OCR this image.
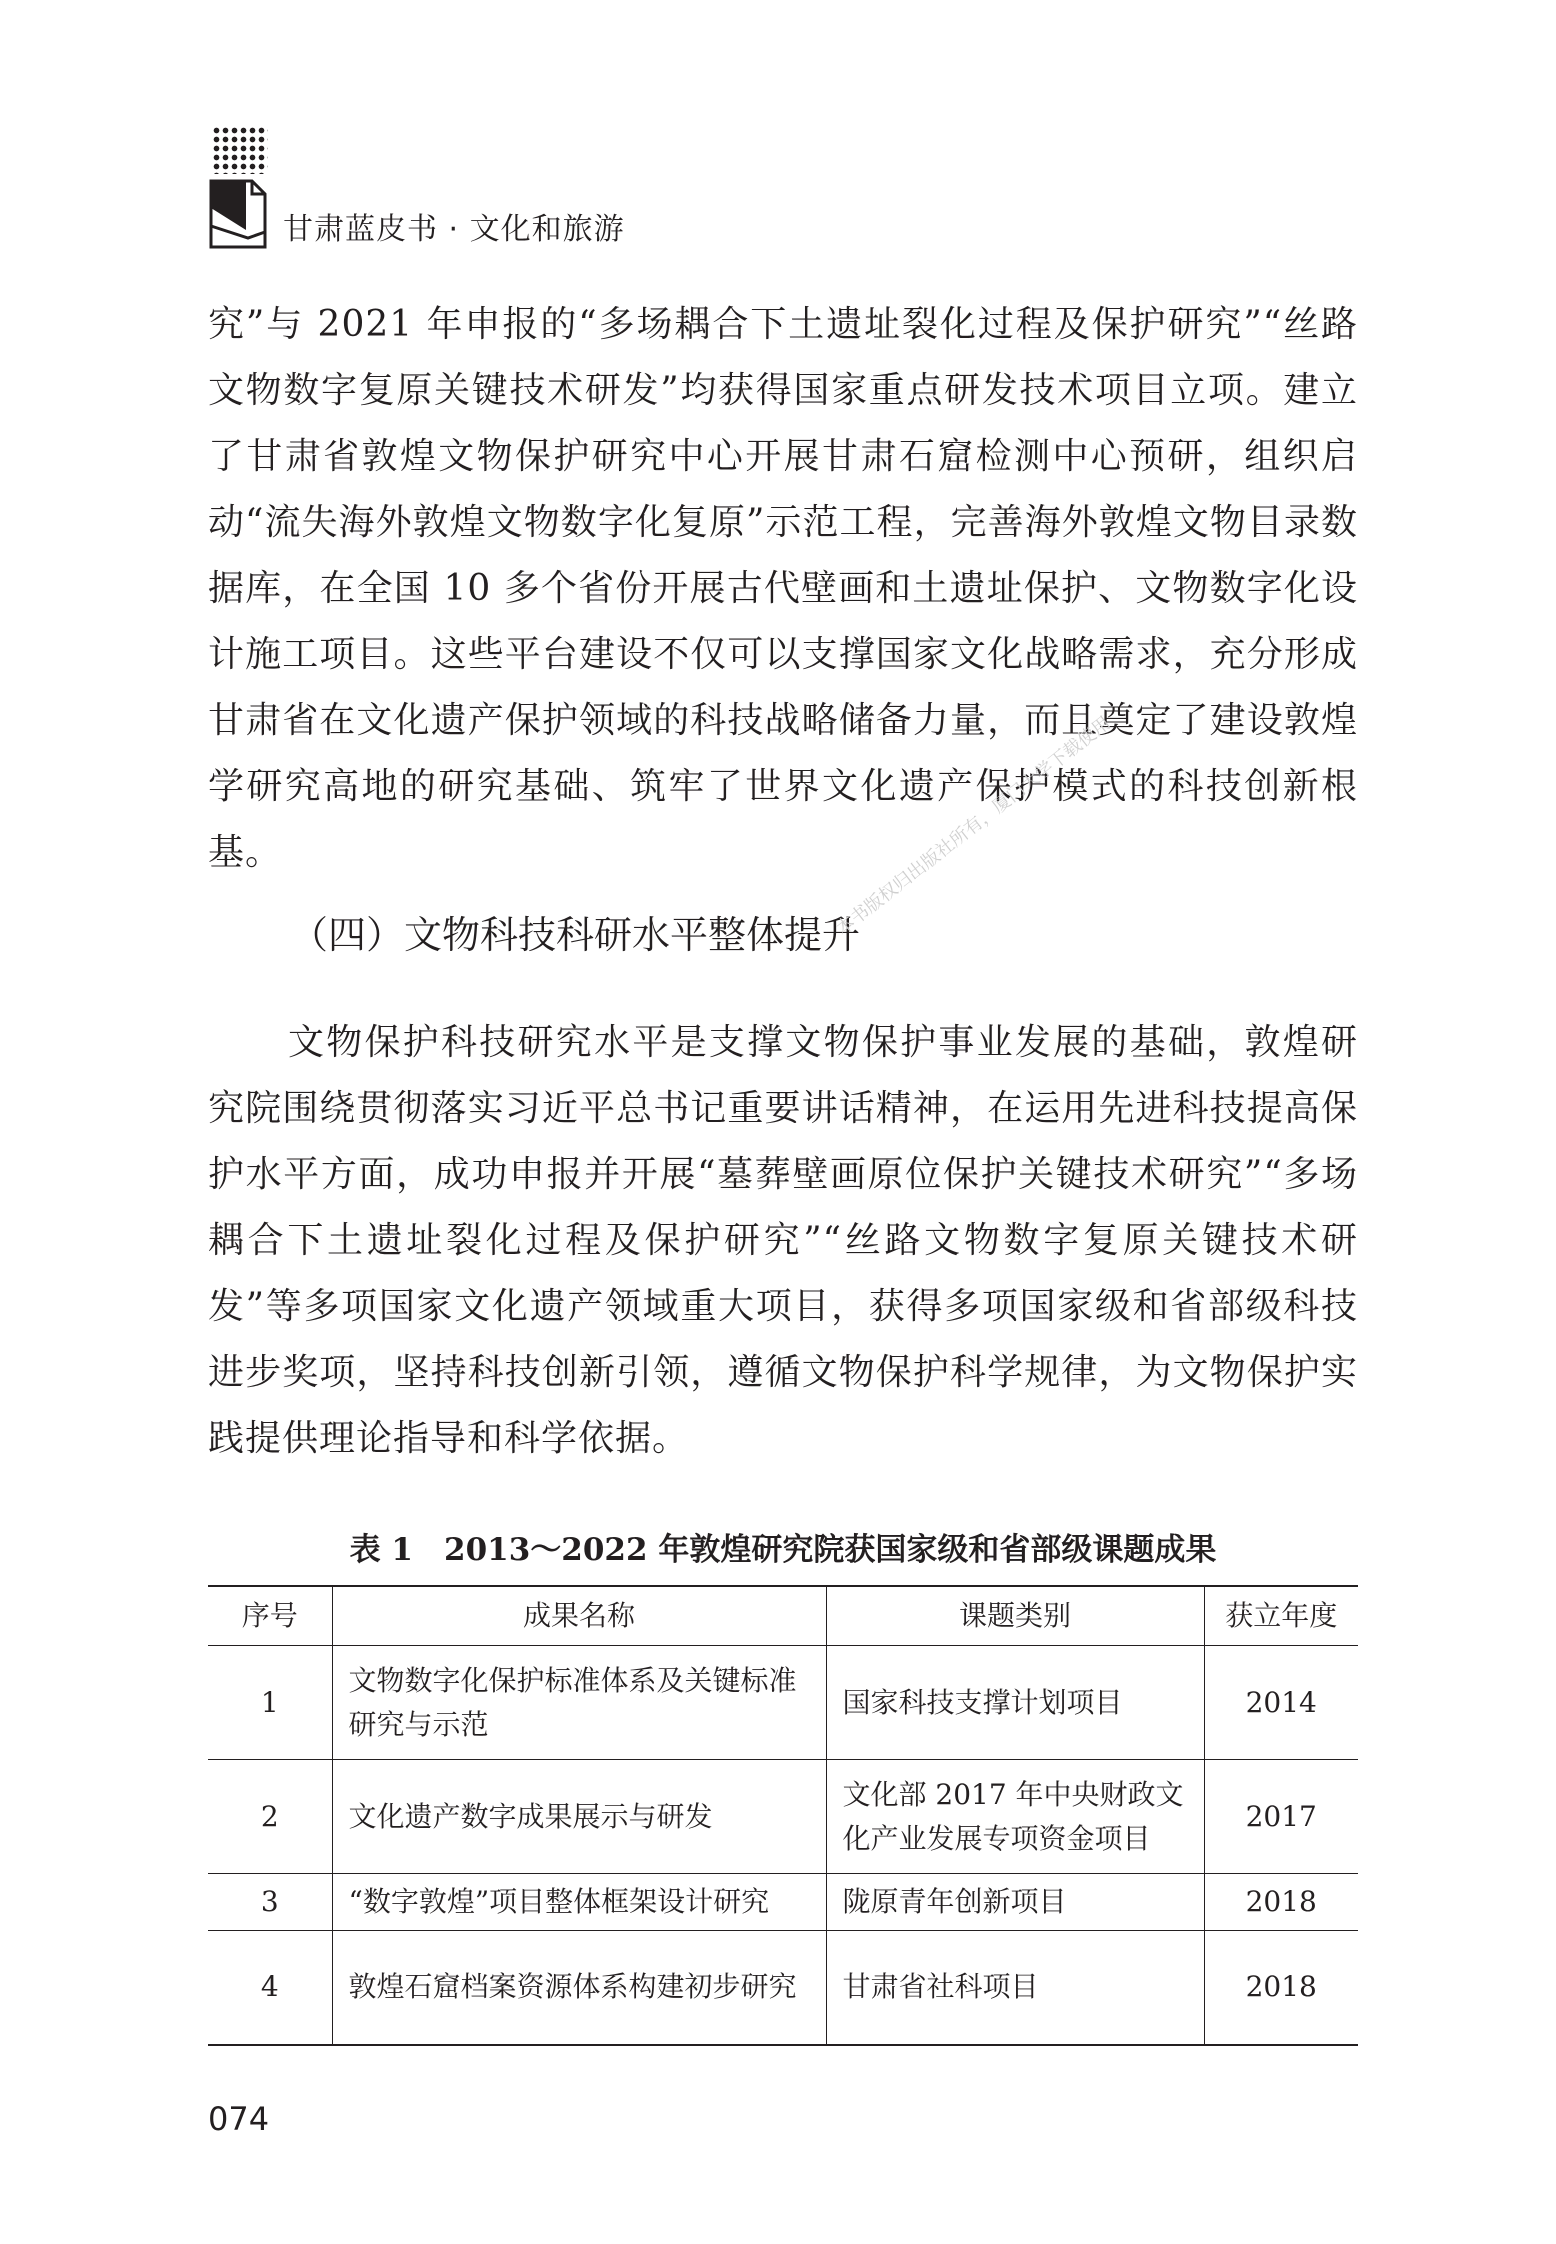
甘肃蓝皮书 · 文化和旅游
究”与 2021 年申报的“多场耦合下土遗址裂化过程及保护研究”“丝路文物数字复原关键技术研发”均获得国家重点研发技术项目立项。建立了甘肃省敦煌文物保护研究中心开展甘肃石窟检测中心预研，组织启动“流失海外敦煌文物数字化复原”示范工程，完善海外敦煌文物目录数据库，在全国 10 多个省份开展古代壁画和土遗址保护、文物数字化设计施工项目。这些平台建设不仅可以支撑国家文化战略需求，充分形成甘肃省在文化遗产保护领域的科技战略储备力量，而且奠定了建设敦煌学研究高地的研究基础、筑牢了世界文化遗产保护模式的科技创新根基。
（四）文物科技科研水平整体提升
本书版权归出版社所有，厦门大学下载使用
文物保护科技研究水平是支撑文物保护事业发展的基础，敦煌研究院围绕贯彻落实习近平总书记重要讲话精神，在运用先进科技提高保护水平方面，成功申报并开展“墓葬壁画原位保护关键技术研究”“多场耦合下土遗址裂化过程及保护研究”“丝路文物数字复原关键技术研发”等多项国家文化遗产领域重大项目，获得多项国家级和省部级科技进步奖项，坚持科技创新引领，遵循文物保护科学规律，为文物保护实践提供理论指导和科学依据。
表 1　2013～2022 年敦煌研究院获国家级和省部级课题成果
序号	成果名称	课题类别	获立年度
1	文物数字化保护标准体系及关键标准研究与示范	国家科技支撑计划项目	2014
2	文化遗产数字成果展示与研发	文化部 2017 年中央财政文化产业发展专项资金项目	2017
3	“数字敦煌”项目整体框架设计研究	陇原青年创新项目	2018
4	敦煌石窟档案资源体系构建初步研究	甘肃省社科项目	2018
074
